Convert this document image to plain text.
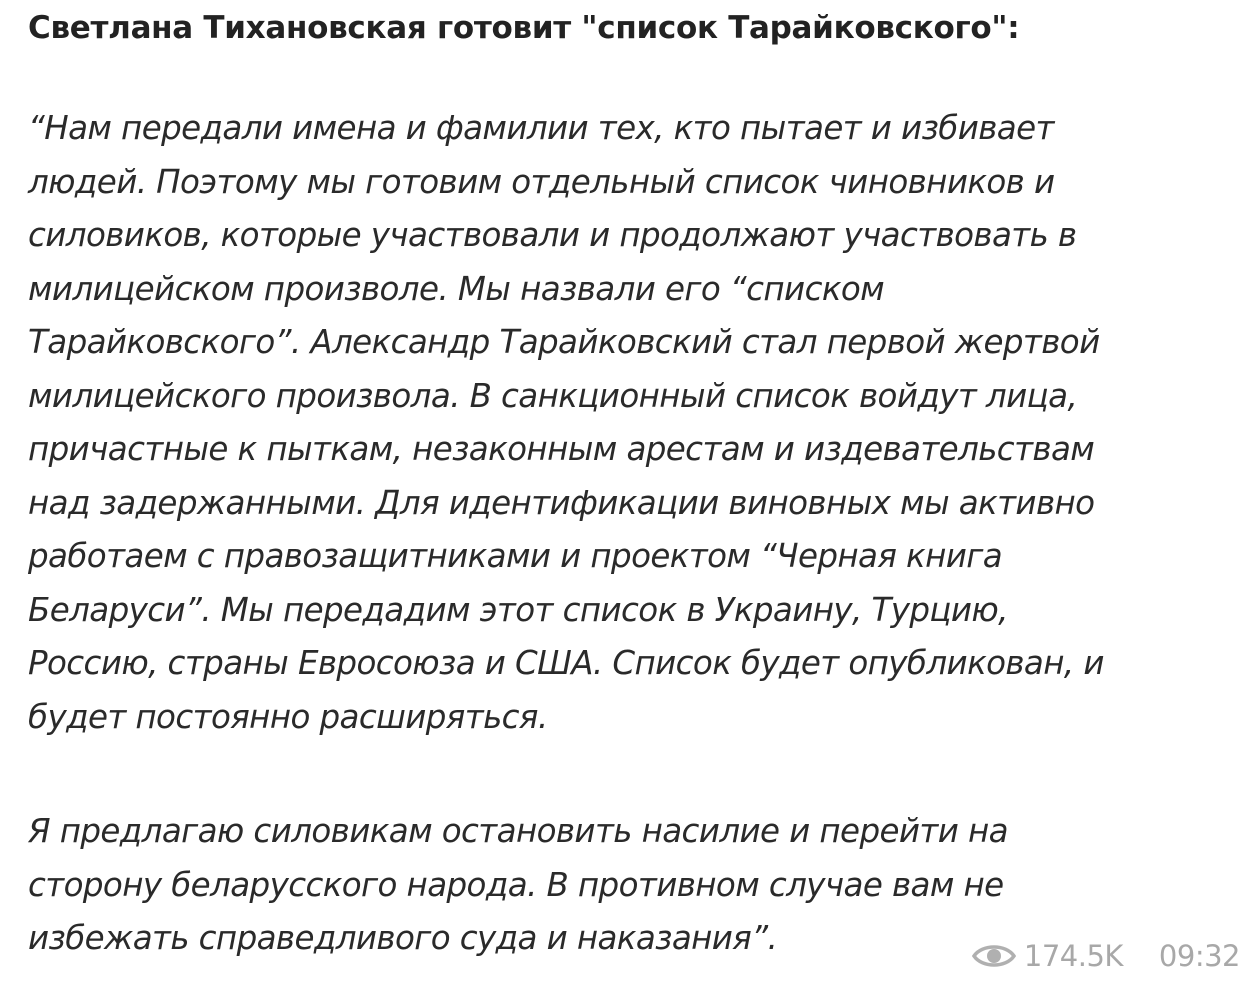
Светлана Тихановская готовит "список Тарайковского":
“Нам передали имена и фамилии тех, кто пытает и избивает
людей. Поэтому мы готовим отдельный список чиновников и
силовиков, которые участвовали и продолжают участвовать в
милицейском произволе. Мы назвали его “списком
Тарайковского”. Александр Тарайковский стал первой жертвой
милицейского произвола. В санкционный список войдут лица,
причастные к пыткам, незаконным арестам и издевательствам
над задержанными. Для идентификации виновных мы активно
работаем с правозащитниками и проектом “Черная книга
Беларуси”. Мы передадим этот список в Украину, Турцию,
Россию, страны Евросоюза и США. Список будет опубликован, и
будет постоянно расширяться.
Я предлагаю силовикам остановить насилие и перейти на
сторону беларусского народа. В противном случае вам не
избежать справедливого суда и наказания”.	174.5K 09:32
